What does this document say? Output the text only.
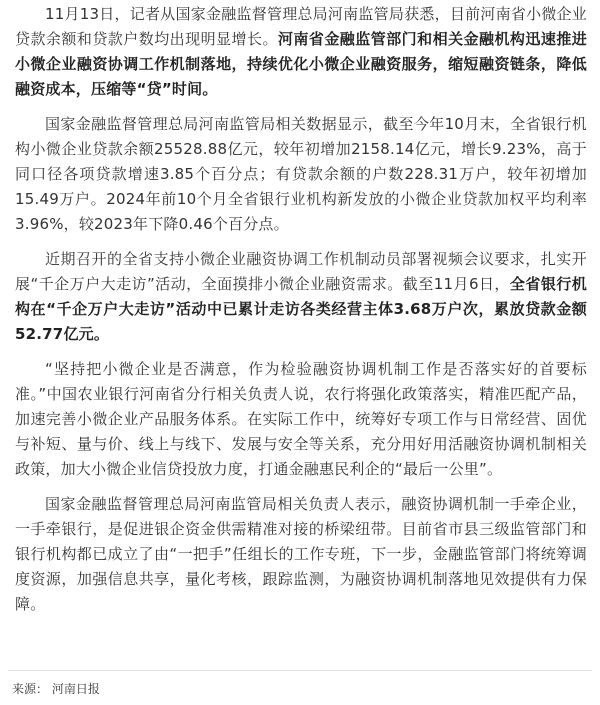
11月13日，记者从国家金融监督管理总局河南监管局获悉，目前河南省小微企业贷款余额和贷款户数均出现明显增长。河南省金融监管部门和相关金融机构迅速推进小微企业融资协调工作机制落地，持续优化小微企业融资服务，缩短融资链条，降低融资成本，压缩等“贷”时间。

国家金融监督管理总局河南监管局相关数据显示，截至今年10月末，全省银行机构小微企业贷款余额25528.88亿元，较年初增加2158.14亿元，增长9.23%，高于同口径各项贷款增速3.85个百分点；有贷款余额的户数228.31万户，较年初增加15.49万户。2024年前10个月全省银行业机构新发放的小微企业贷款加权平均利率3.96%，较2023年下降0.46个百分点。

近期召开的全省支持小微企业融资协调工作机制动员部署视频会议要求，扎实开展“千企万户大走访”活动，全面摸排小微企业融资需求。截至11月6日，全省银行机构在“千企万户大走访”活动中已累计走访各类经营主体3.68万户次，累放贷款金额52.77亿元。

“坚持把小微企业是否满意，作为检验融资协调机制工作是否落实好的首要标准。”中国农业银行河南省分行相关负责人说，农行将强化政策落实，精准匹配产品，加速完善小微企业产品服务体系。在实际工作中，统筹好专项工作与日常经营、固优与补短、量与价、线上与线下、发展与安全等关系，充分用好用活融资协调机制相关政策，加大小微企业信贷投放力度，打通金融惠民利企的“最后一公里”。

国家金融监督管理总局河南监管局相关负责人表示，融资协调机制一手牵企业，一手牵银行，是促进银企资金供需精准对接的桥梁纽带。目前省市县三级监管部门和银行机构都已成立了由“一把手”任组长的工作专班，下一步，金融监管部门将统筹调度资源，加强信息共享，量化考核，跟踪监测，为融资协调机制落地见效提供有力保障。

来源： 河南日报
